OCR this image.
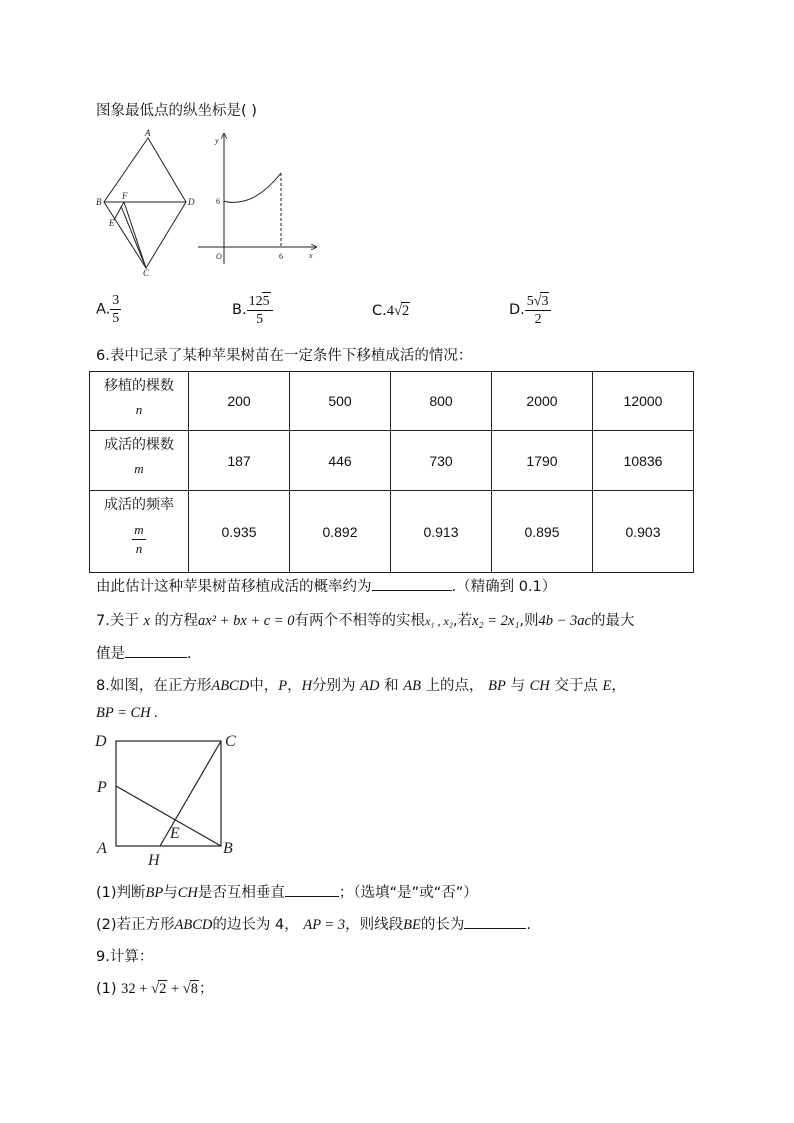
图象最低点的纵坐标是( )
A
B
C
D
E
F
y
x
O
6
6
A. $\frac{3}{5}$	B. $\frac{125}{5}$	C.4√2	D. $\frac{5√3}{2}$
6.表中记录了某种苹果树苗在一定条件下移植成活的情况：
移植的棵数
n	200	500	800	2000	12000

成活的棵数
m	187	446	730	1790	10836

成活的频率
$\frac{m}{n}$	0.935	0.892	0.913	0.895	0.903
由此估计这种苹果树苗移植成活的概率约为	.（精确到 0.1）
7.关于 x 的方程ax² + bx + c = 0有两个不相等的实根x₁ , x₂,若x₂ = 2x₁,则4b − 3ac的最大
值是	.
8.如图，在正方形ABCD中，P，H分别为 AD 和 AB 上的点， BP 与 CH 交于点 E，
BP = CH .
D	C
P
A	B
H
E
(1)判断BP与CH是否互相垂直	；（选填“是”或“否”）
(2)若正方形ABCD的边长为 4， AP = 3，则线段BE的长为	.
9.计算：
(1) 32 + √2 + √8；
